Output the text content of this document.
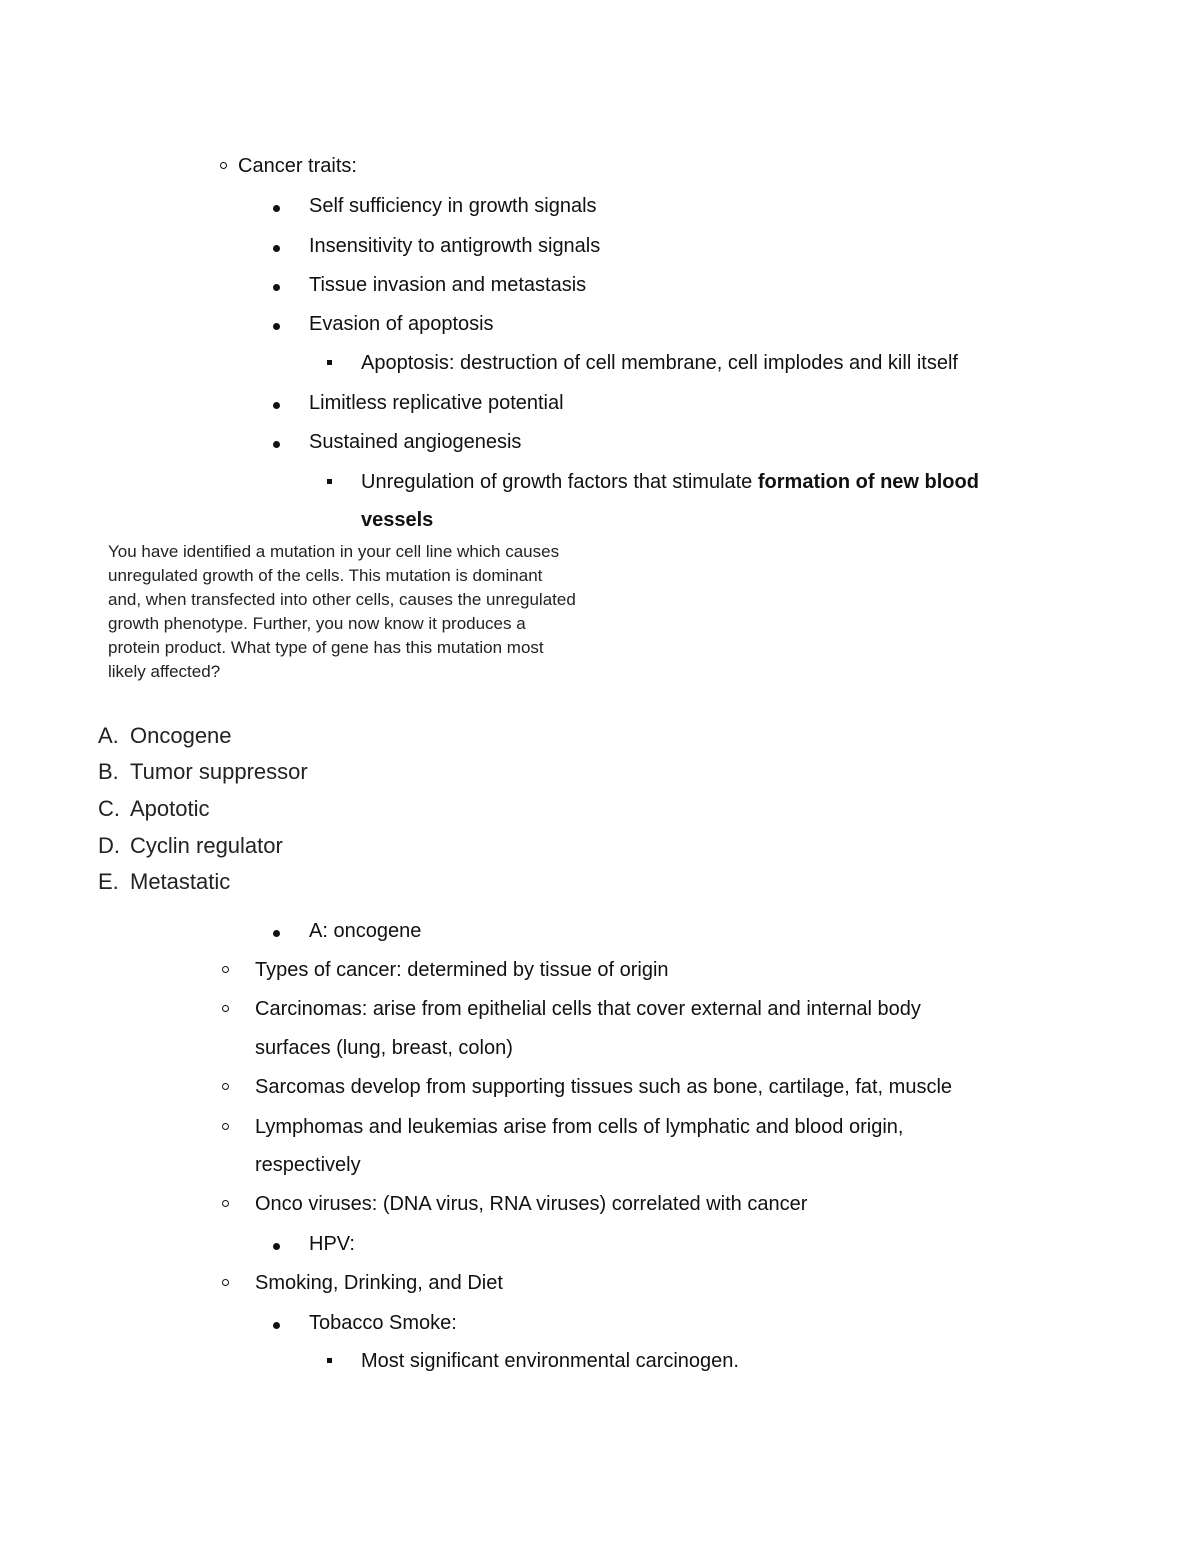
Cancer traits:
Self sufficiency in growth signals
Insensitivity to antigrowth signals
Tissue invasion and metastasis
Evasion of apoptosis
Apoptosis: destruction of cell membrane, cell implodes and kill itself
Limitless replicative potential
Sustained angiogenesis
Unregulation of growth factors that stimulate formation of new blood
vessels
You have identified a mutation in your cell line which causes
unregulated growth of the cells. This mutation is dominant
and, when transfected into other cells, causes the unregulated
growth phenotype. Further, you now know it produces a
protein product. What type of gene has this mutation most
likely affected?
A. Oncogene
B. Tumor suppressor
C. Apototic
D. Cyclin regulator
E. Metastatic
A: oncogene
Types of cancer: determined by tissue of origin
Carcinomas: arise from epithelial cells that cover external and internal body
surfaces (lung, breast, colon)
Sarcomas develop from supporting tissues such as bone, cartilage, fat, muscle
Lymphomas and leukemias arise from cells of lymphatic and blood origin,
respectively
Onco viruses: (DNA virus, RNA viruses) correlated with cancer
HPV:
Smoking, Drinking, and Diet
Tobacco Smoke:
Most significant environmental carcinogen.
